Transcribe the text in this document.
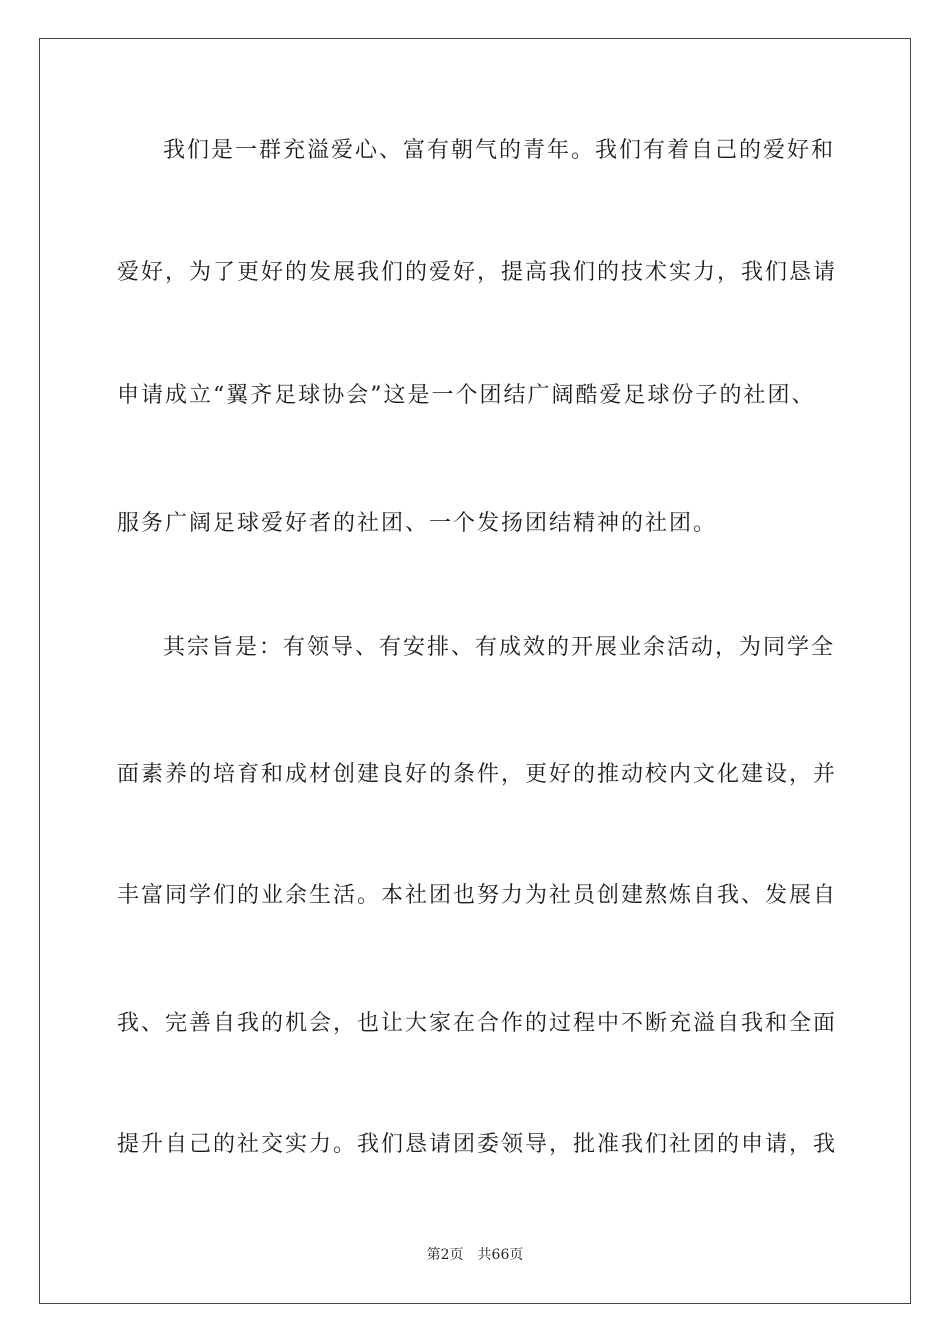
我们是一群充溢爱心、富有朝气的青年。我们有着自己的爱好和
爱好，为了更好的发展我们的爱好，提高我们的技术实力，我们恳请
申请成立“翼齐足球协会”这是一个团结广阔酷爱足球份子的社团、
服务广阔足球爱好者的社团、一个发扬团结精神的社团。
其宗旨是：有领导、有安排、有成效的开展业余活动，为同学全
面素养的培育和成材创建良好的条件，更好的推动校内文化建设，并
丰富同学们的业余生活。本社团也努力为社员创建熬炼自我、发展自
我、完善自我的机会，也让大家在合作的过程中不断充溢自我和全面
提升自己的社交实力。我们恳请团委领导，批准我们社团的申请，我
第2页 共66页
